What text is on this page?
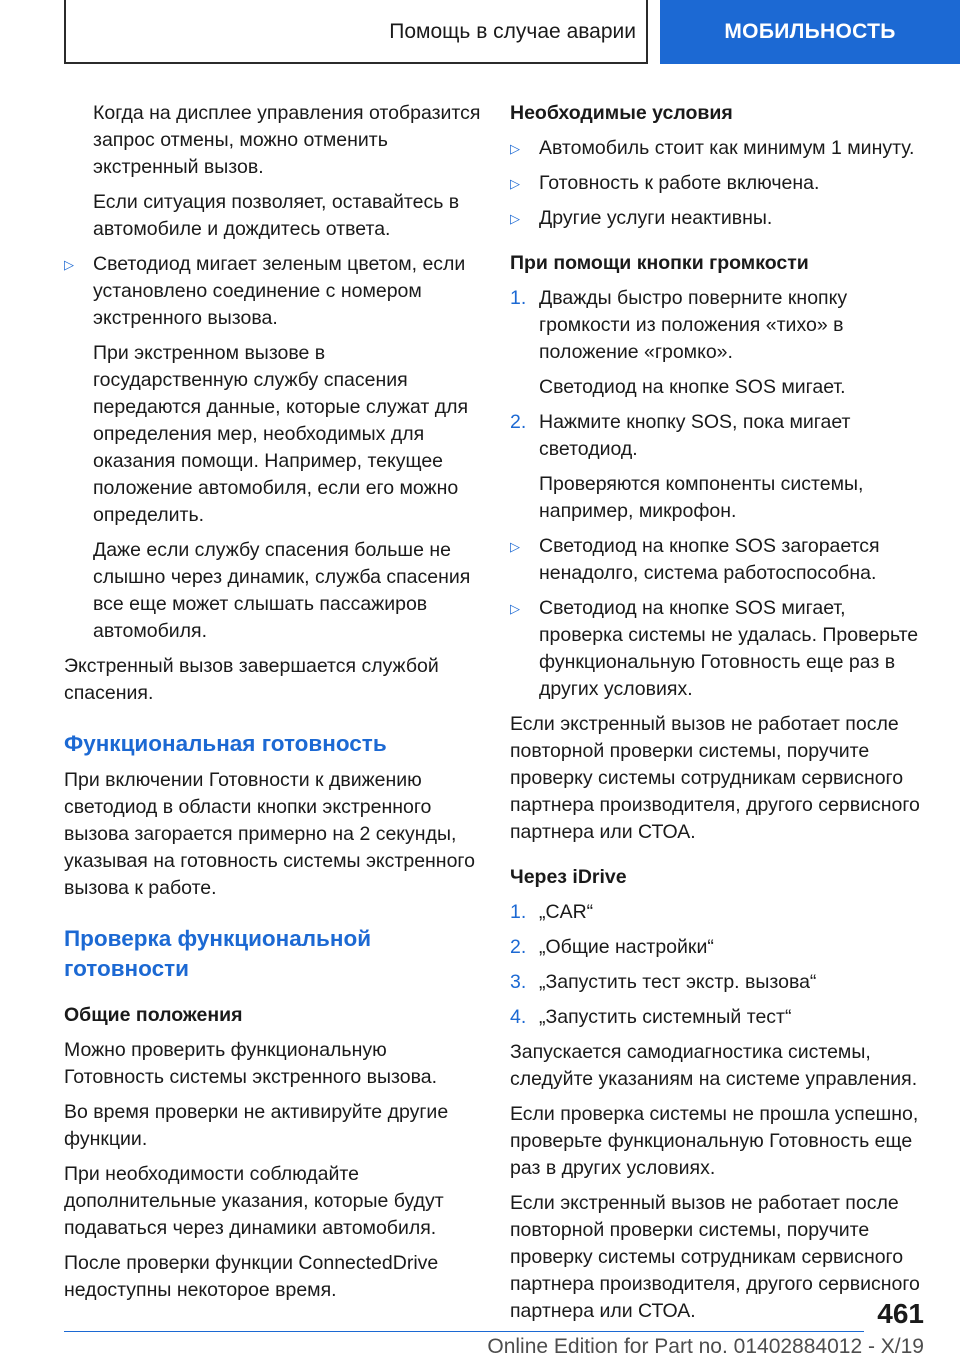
Помощь в случае аварии	МОБИЛЬНОСТЬ

Когда на дисплее управления отобразится запрос отмены, можно отменить экстренный вызов.

Если ситуация позволяет, оставайтесь в автомобиле и дождитесь ответа.

▷ Светодиод мигает зеленым цветом, если установлено соединение с номером экстренного вызова.

При экстренном вызове в государственную службу спасения передаются данные, которые служат для определения мер, необходимых для оказания помощи. Например, текущее положение автомобиля, если его можно определить.

Даже если службу спасения больше не слышно через динамик, служба спасения все еще может слышать пассажиров автомобиля.

Экстренный вызов завершается службой спасения.

Функциональная готовность

При включении Готовности к движению светодиод в области кнопки экстренного вызова загорается примерно на 2 секунды, указывая на готовность системы экстренного вызова к работе.

Проверка функциональной готовности
Общие положения

Можно проверить функциональную Готовность системы экстренного вызова.

Во время проверки не активируйте другие функции.

При необходимости соблюдайте дополнительные указания, которые будут подаваться через динамики автомобиля.

После проверки функции ConnectedDrive недоступны некоторое время.

Необходимые условия
▷ Автомобиль стоит как минимум 1 минуту.
▷ Готовность к работе включена.
▷ Другие услуги неактивны.
При помощи кнопки громкости
1. Дважды быстро поверните кнопку громкости из положения «тихо» в положение «громко».

Светодиод на кнопке SOS мигает.

2. Нажмите кнопку SOS, пока мигает светодиод.

Проверяются компоненты системы, например, микрофон.

▷ Светодиод на кнопке SOS загорается ненадолго, система работоспособна.
▷ Светодиод на кнопке SOS мигает, проверка системы не удалась. Проверьте функциональную Готовность еще раз в других условиях.

Если экстренный вызов не работает после повторной проверки системы, поручите проверку системы сотрудникам сервисного партнера производителя, другого сервисного партнера или СТОА.

Через iDrive
1. „CAR“
2. „Общие настройки“
3. „Запустить тест экстр. вызова“
4. „Запустить системный тест“

Запускается самодиагностика системы, следуйте указаниям на системе управления.

Если проверка системы не прошла успешно, проверьте функциональную Готовность еще раз в других условиях.

Если экстренный вызов не работает после повторной проверки системы, поручите проверку системы сотрудникам сервисного партнера производителя, другого сервисного партнера или СТОА.	461
Online Edition for Part no. 01402884012 - X/19
